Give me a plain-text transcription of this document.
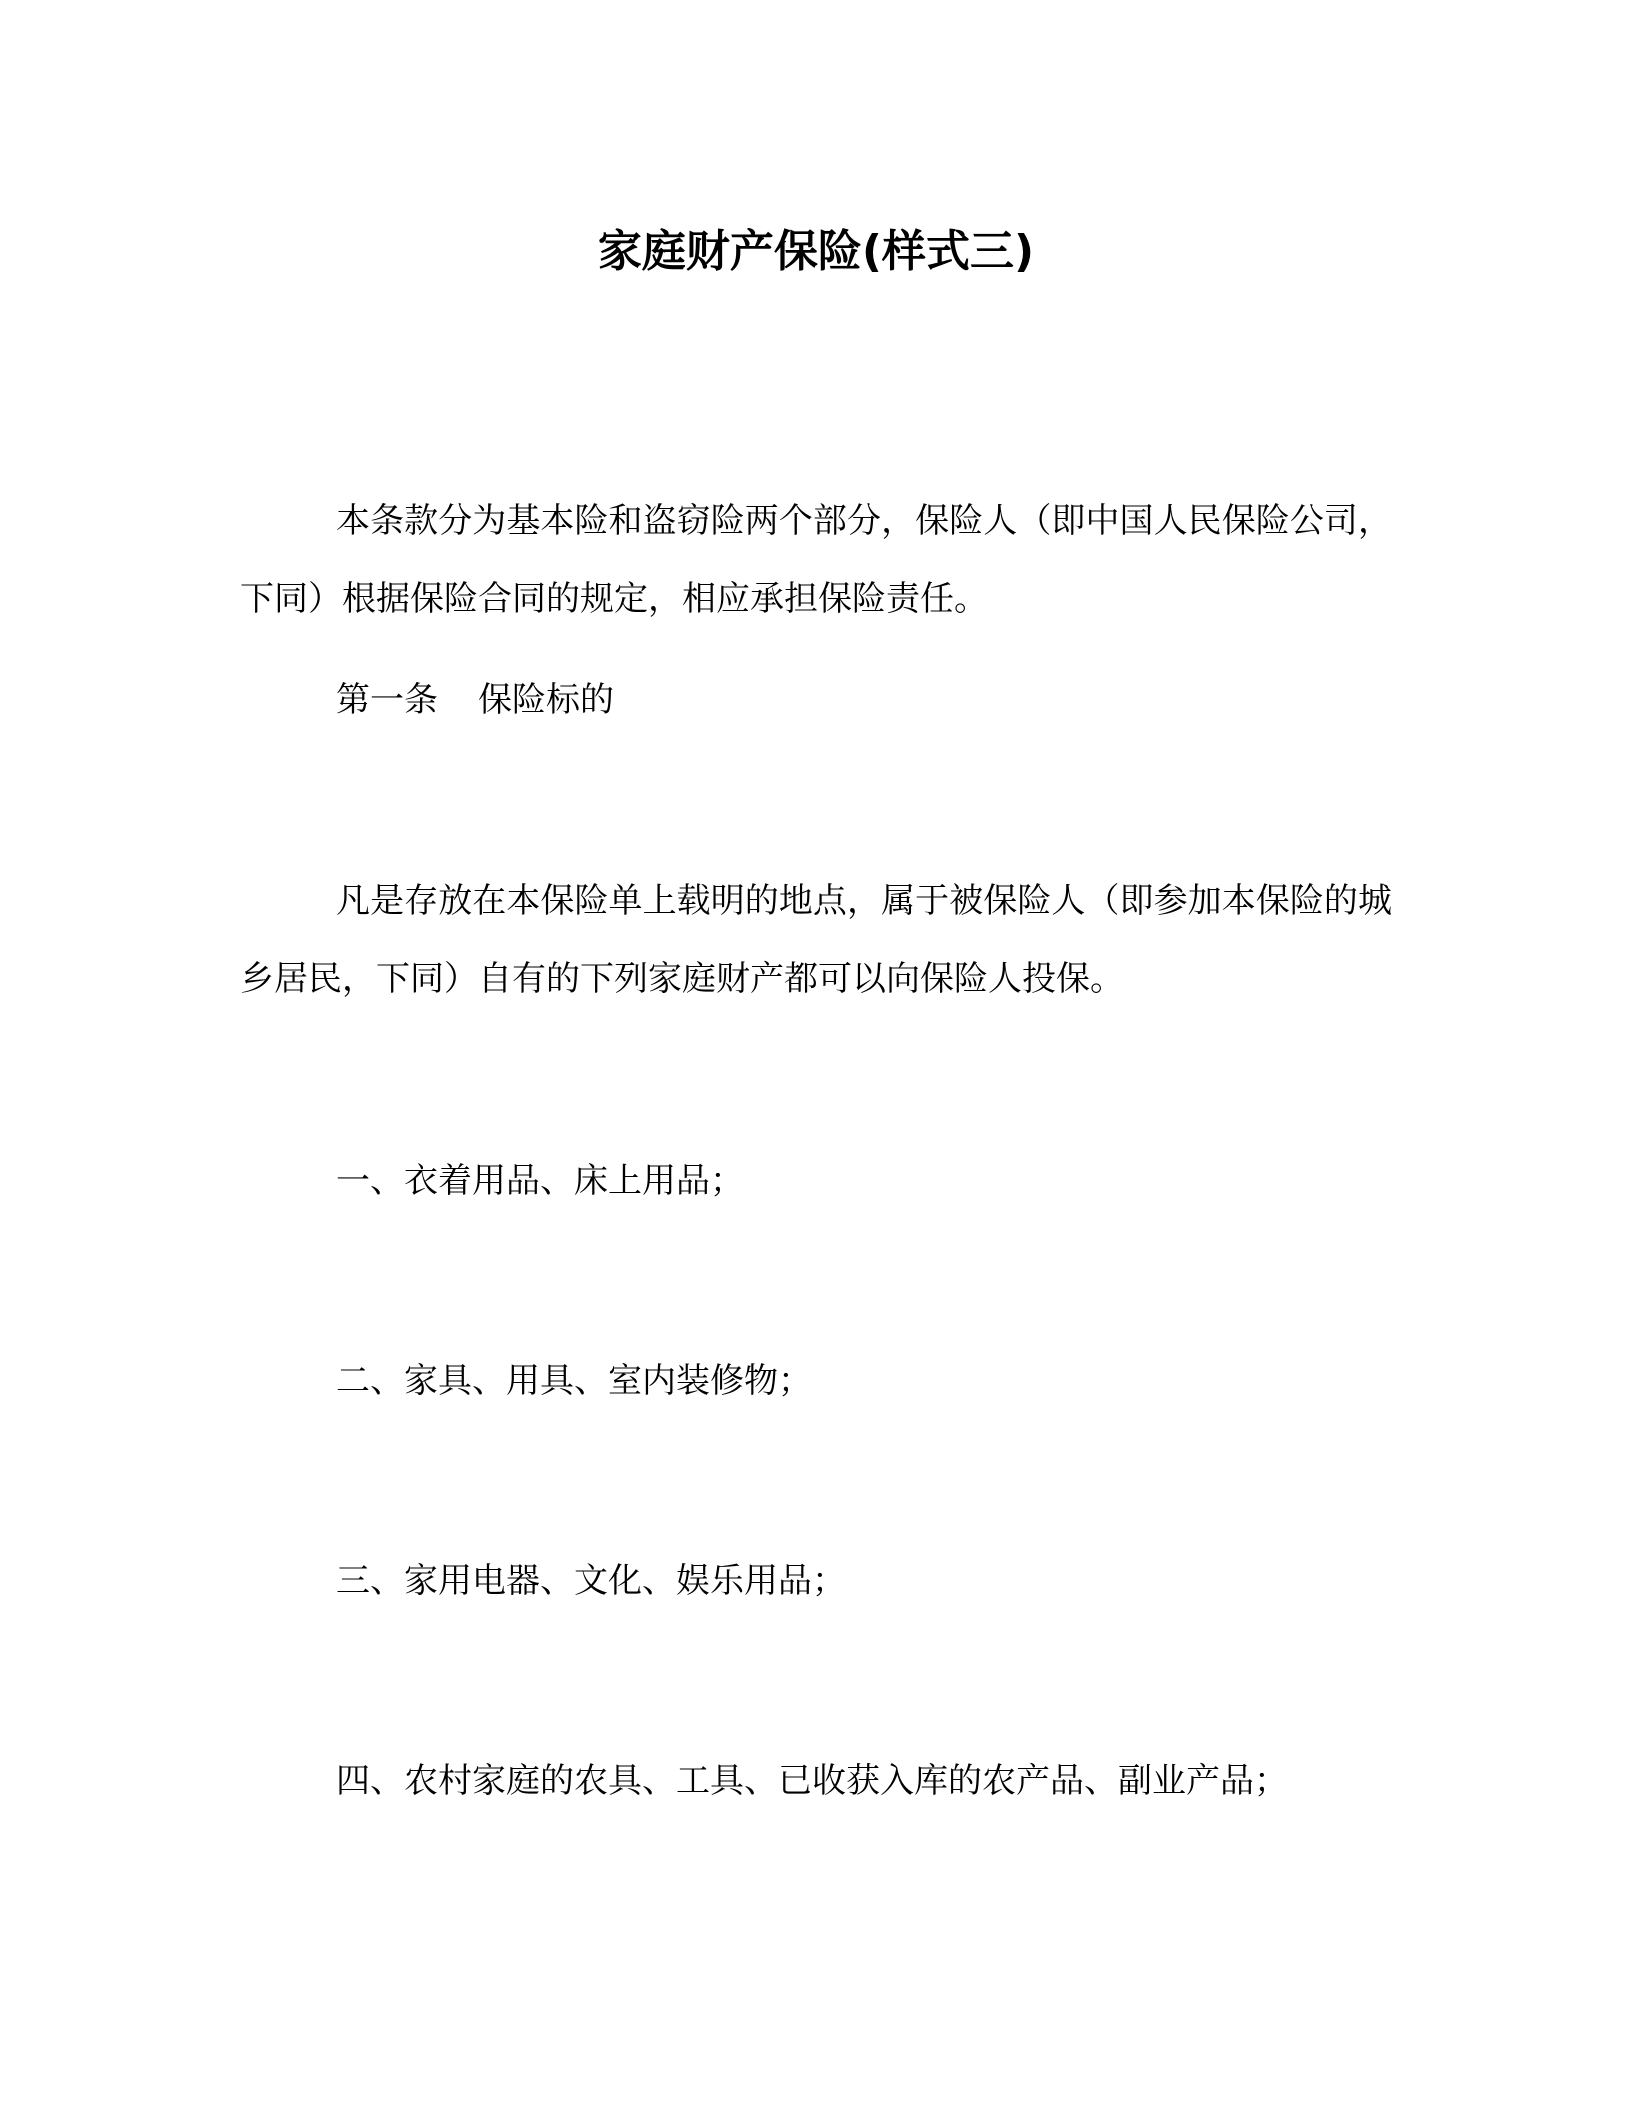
家庭财产保险(样式三)

本条款分为基本险和盗窃险两个部分，保险人（即中国人民保险公司，下同）根据保险合同的规定，相应承担保险责任。

第一条 保险标的

凡是存放在本保险单上载明的地点，属于被保险人（即参加本保险的城乡居民，下同）自有的下列家庭财产都可以向保险人投保。

一、衣着用品、床上用品；

二、家具、用具、室内装修物；

三、家用电器、文化、娱乐用品；

四、农村家庭的农具、工具、已收获入库的农产品、副业产品；
